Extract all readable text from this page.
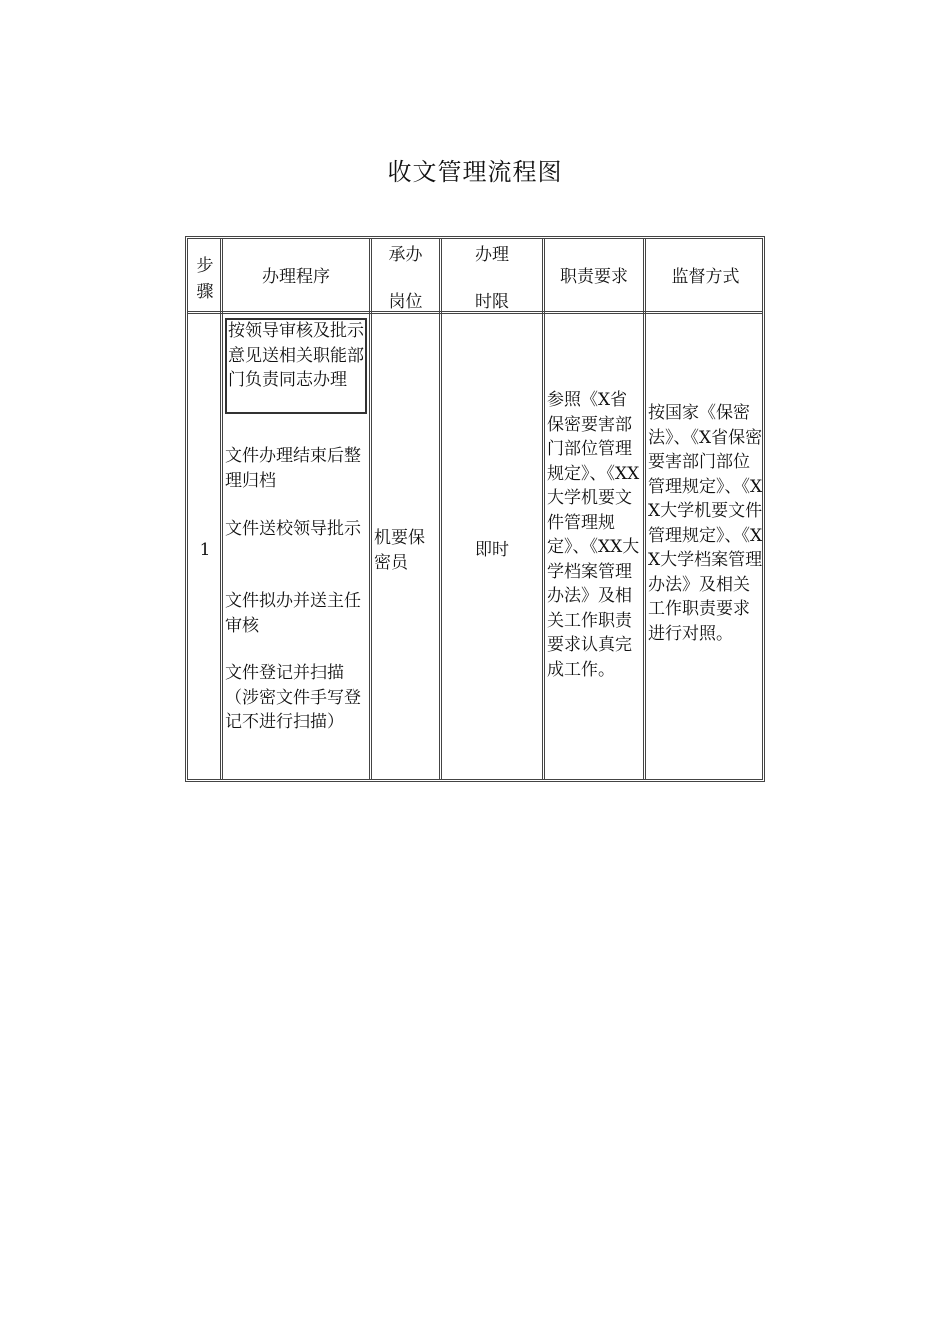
收文管理流程图
步骤
办理程序
承办
岗位
办理
时限
职责要求	监督方式
1
按领导审核及批示意见送相关职能部门负责同志办理
文件办理结束后整理归档
文件送校领导批示
文件拟办并送主任审核
文件登记并扫描（涉密文件手写登记不进行扫描）
机要保密员
即时
参照《X省保密要害部门部位管理规定》、《XX大学机要文件管理规定》、《XX大学档案管理办法》及相关工作职责要求认真完成工作。
按国家《保密法》、《X省保密要害部门部位管理规定》、《XX大学机要文件管理规定》、《XX大学档案管理办法》及相关工作职责要求进行对照。
